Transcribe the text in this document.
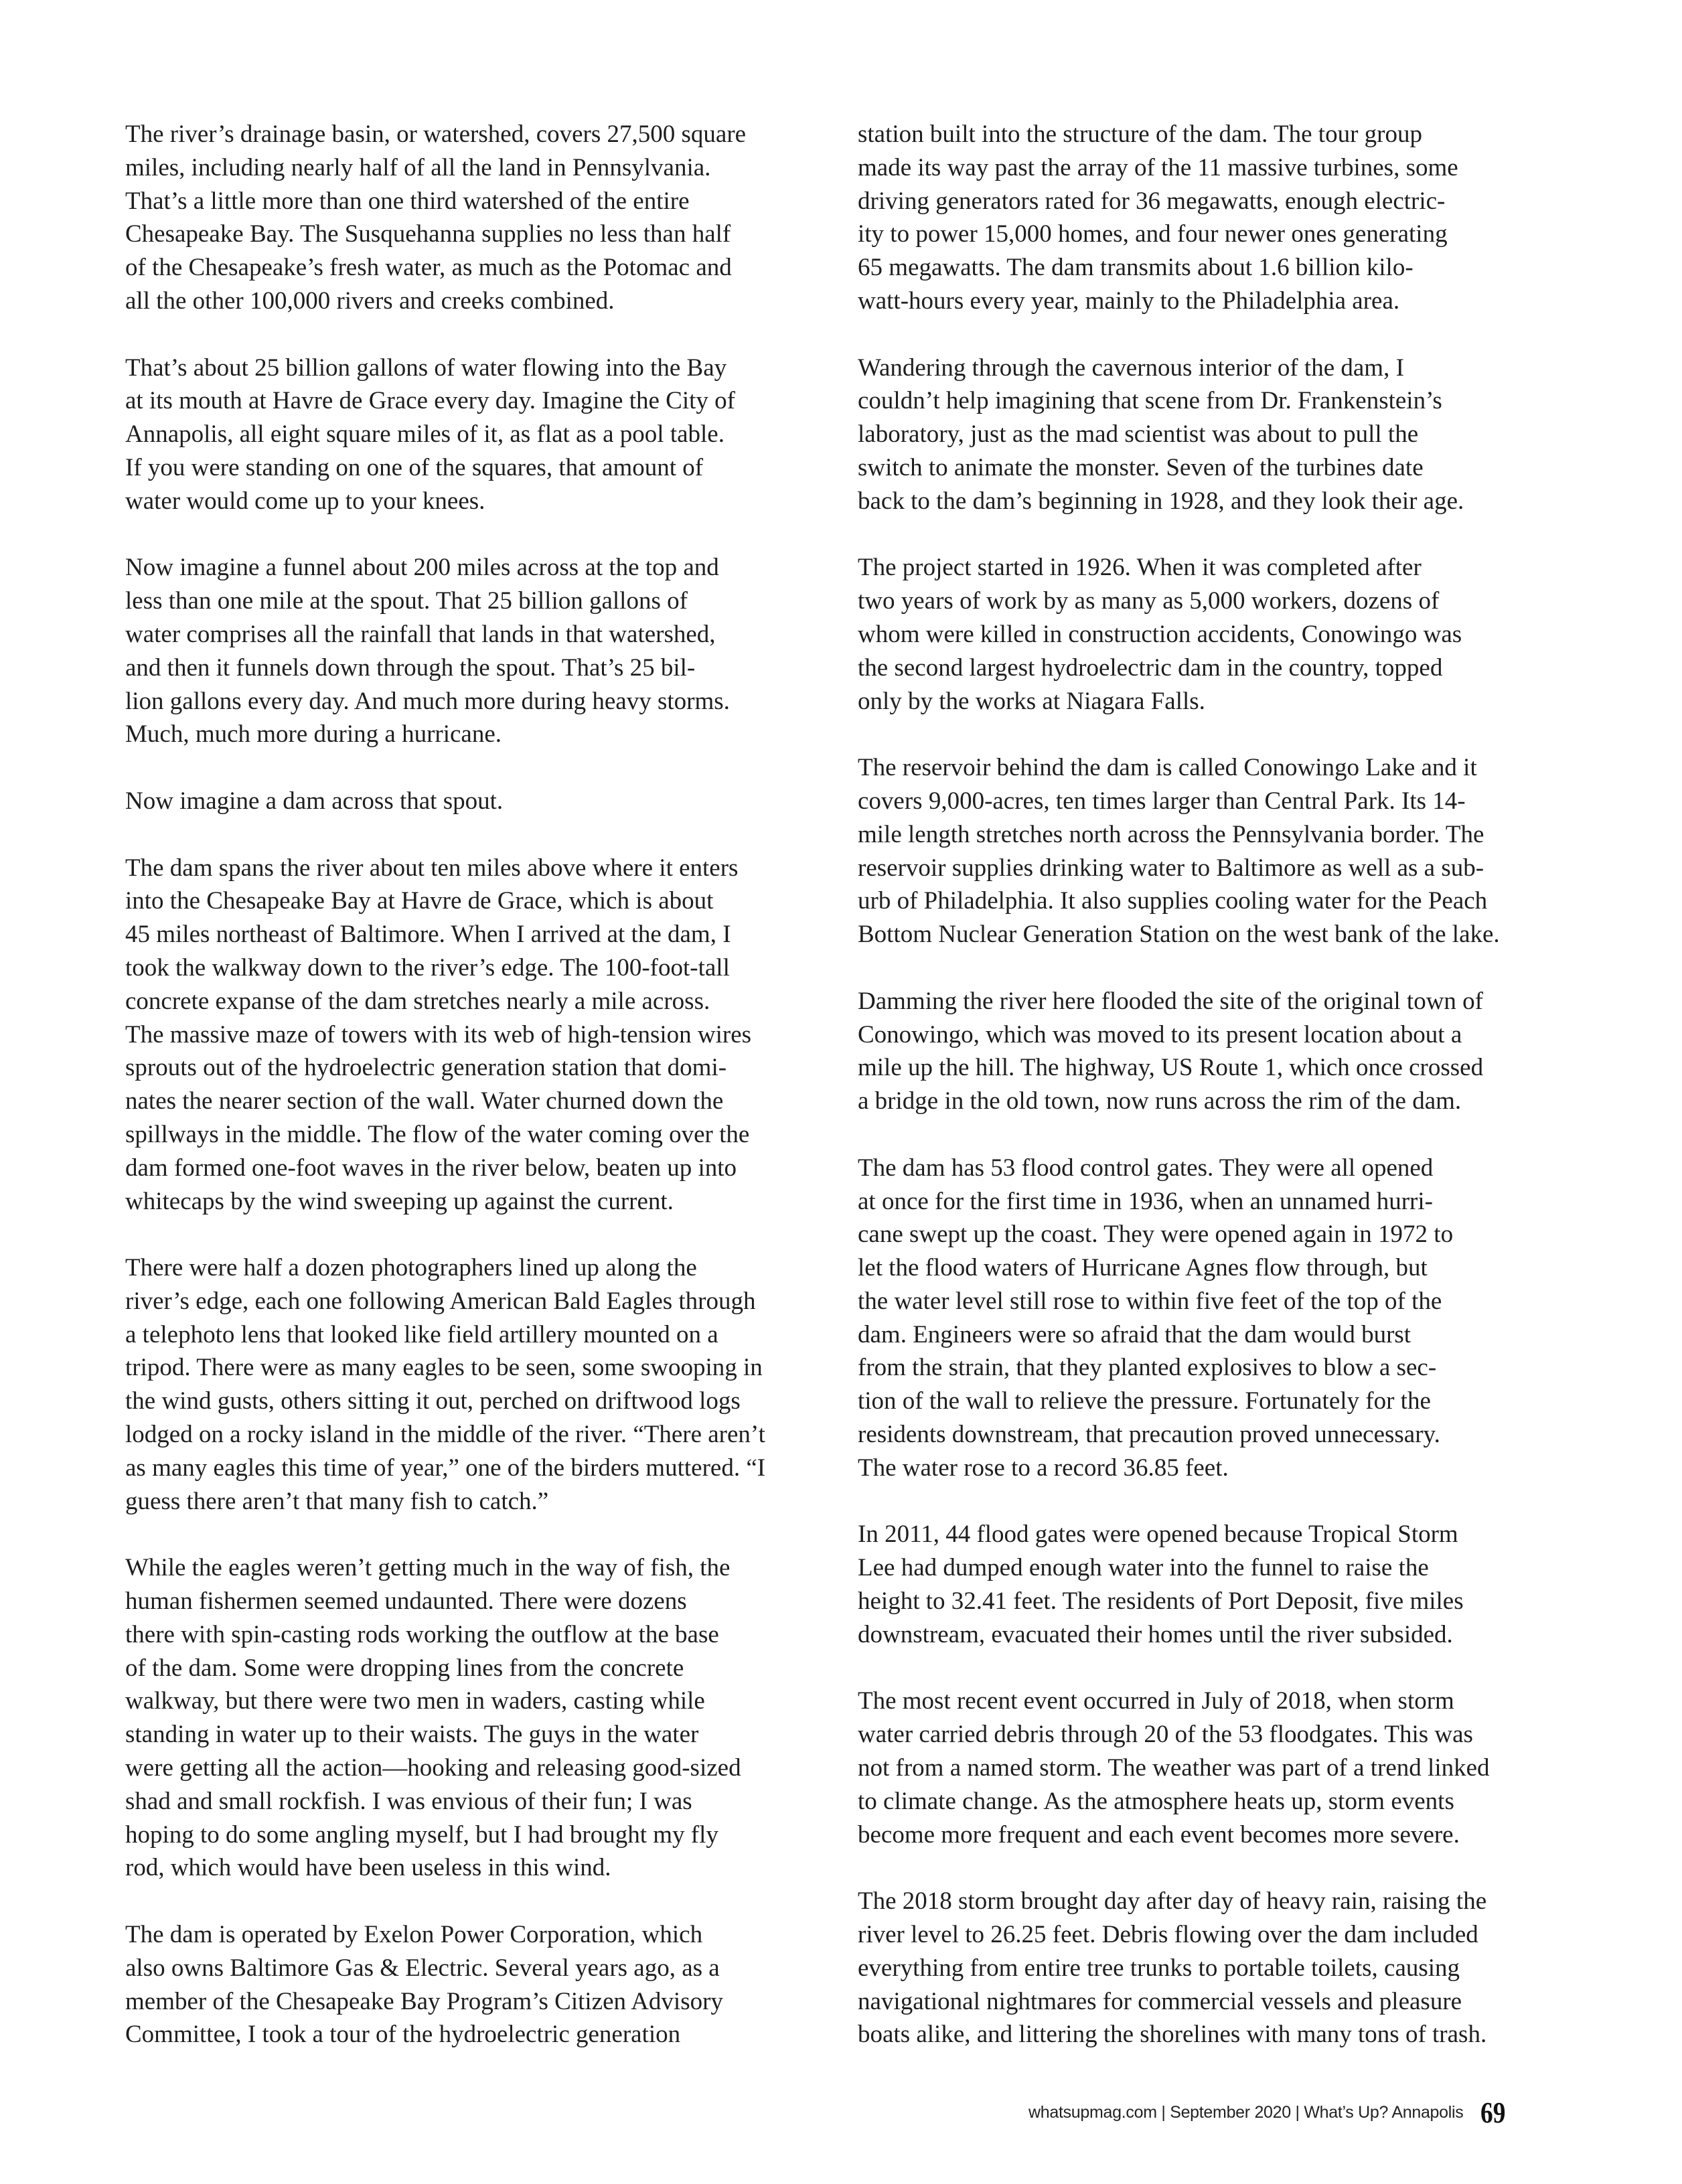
The river’s drainage basin, or watershed, covers 27,500 square
miles, including nearly half of all the land in Pennsylvania.
That’s a little more than one third watershed of the entire
Chesapeake Bay. The Susquehanna supplies no less than half
of the Chesapeake’s fresh water, as much as the Potomac and
all the other 100,000 rivers and creeks combined.
That’s about 25 billion gallons of water flowing into the Bay
at its mouth at Havre de Grace every day. Imagine the City of
Annapolis, all eight square miles of it, as flat as a pool table.
If you were standing on one of the squares, that amount of
water would come up to your knees.
Now imagine a funnel about 200 miles across at the top and
less than one mile at the spout. That 25 billion gallons of
water comprises all the rainfall that lands in that watershed,
and then it funnels down through the spout. That’s 25 bil-
lion gallons every day. And much more during heavy storms.
Much, much more during a hurricane.
Now imagine a dam across that spout.
The dam spans the river about ten miles above where it enters
into the Chesapeake Bay at Havre de Grace, which is about
45 miles northeast of Baltimore. When I arrived at the dam, I
took the walkway down to the river’s edge. The 100-foot-tall
concrete expanse of the dam stretches nearly a mile across.
The massive maze of towers with its web of high-tension wires
sprouts out of the hydroelectric generation station that domi-
nates the nearer section of the wall. Water churned down the
spillways in the middle. The flow of the water coming over the
dam formed one-foot waves in the river below, beaten up into
whitecaps by the wind sweeping up against the current.
There were half a dozen photographers lined up along the
river’s edge, each one following American Bald Eagles through
a telephoto lens that looked like field artillery mounted on a
tripod. There were as many eagles to be seen, some swooping in
the wind gusts, others sitting it out, perched on driftwood logs
lodged on a rocky island in the middle of the river. “There aren’t
as many eagles this time of year,” one of the birders muttered. “I
guess there aren’t that many fish to catch.”
While the eagles weren’t getting much in the way of fish, the
human fishermen seemed undaunted. There were dozens
there with spin-casting rods working the outflow at the base
of the dam. Some were dropping lines from the concrete
walkway, but there were two men in waders, casting while
standing in water up to their waists. The guys in the water
were getting all the action—hooking and releasing good-sized
shad and small rockfish. I was envious of their fun; I was
hoping to do some angling myself, but I had brought my fly
rod, which would have been useless in this wind.
The dam is operated by Exelon Power Corporation, which
also owns Baltimore Gas & Electric. Several years ago, as a
member of the Chesapeake Bay Program’s Citizen Advisory
Committee, I took a tour of the hydroelectric generation
station built into the structure of the dam. The tour group
made its way past the array of the 11 massive turbines, some
driving generators rated for 36 megawatts, enough electric-
ity to power 15,000 homes, and four newer ones generating
65 megawatts. The dam transmits about 1.6 billion kilo-
watt-hours every year, mainly to the Philadelphia area.
Wandering through the cavernous interior of the dam, I
couldn’t help imagining that scene from Dr. Frankenstein’s
laboratory, just as the mad scientist was about to pull the
switch to animate the monster. Seven of the turbines date
back to the dam’s beginning in 1928, and they look their age.
The project started in 1926. When it was completed after
two years of work by as many as 5,000 workers, dozens of
whom were killed in construction accidents, Conowingo was
the second largest hydroelectric dam in the country, topped
only by the works at Niagara Falls.
The reservoir behind the dam is called Conowingo Lake and it
covers 9,000-acres, ten times larger than Central Park. Its 14-
mile length stretches north across the Pennsylvania border. The
reservoir supplies drinking water to Baltimore as well as a sub-
urb of Philadelphia. It also supplies cooling water for the Peach
Bottom Nuclear Generation Station on the west bank of the lake.
Damming the river here flooded the site of the original town of
Conowingo, which was moved to its present location about a
mile up the hill. The highway, US Route 1, which once crossed
a bridge in the old town, now runs across the rim of the dam.
The dam has 53 flood control gates. They were all opened
at once for the first time in 1936, when an unnamed hurri-
cane swept up the coast. They were opened again in 1972 to
let the flood waters of Hurricane Agnes flow through, but
the water level still rose to within five feet of the top of the
dam. Engineers were so afraid that the dam would burst
from the strain, that they planted explosives to blow a sec-
tion of the wall to relieve the pressure. Fortunately for the
residents downstream, that precaution proved unnecessary.
The water rose to a record 36.85 feet.
In 2011, 44 flood gates were opened because Tropical Storm
Lee had dumped enough water into the funnel to raise the
height to 32.41 feet. The residents of Port Deposit, five miles
downstream, evacuated their homes until the river subsided.
The most recent event occurred in July of 2018, when storm
water carried debris through 20 of the 53 floodgates. This was
not from a named storm. The weather was part of a trend linked
to climate change. As the atmosphere heats up, storm events
become more frequent and each event becomes more severe.
The 2018 storm brought day after day of heavy rain, raising the
river level to 26.25 feet. Debris flowing over the dam included
everything from entire tree trunks to portable toilets, causing
navigational nightmares for commercial vessels and pleasure
boats alike, and littering the shorelines with many tons of trash.
whatsupmag.com | September 2020 | What’s Up? Annapolis 69
